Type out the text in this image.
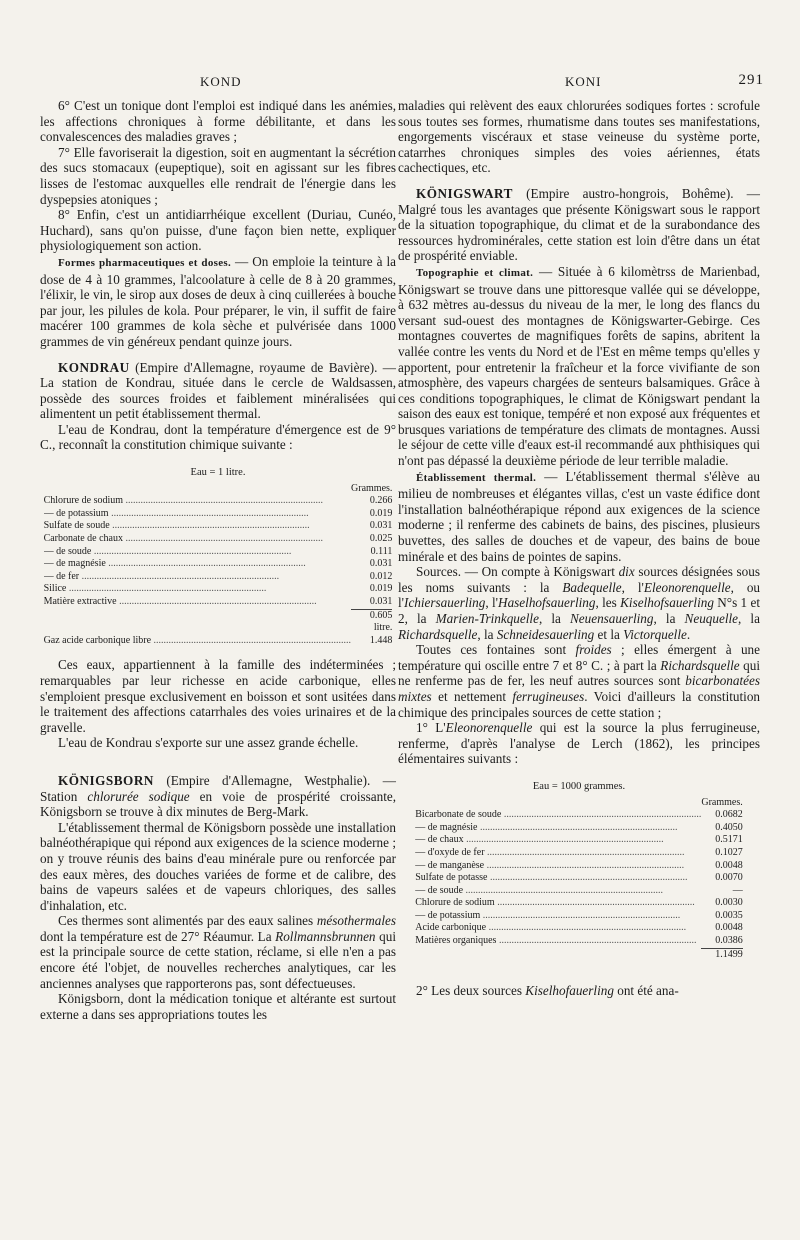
KOND	KONI	291

6° C'est un tonique dont l'emploi est indiqué dans les anémies, les affections chroniques à forme débilitante, et dans les convalescences des maladies graves ;

7° Elle favoriserait la digestion, soit en augmentant la sécrétion des sucs stomacaux (eupeptique), soit en agissant sur les fibres lisses de l'estomac auxquelles elle rendrait de l'énergie dans les dyspepsies atoniques ;

8° Enfin, c'est un antidiarrhéique excellent (Duriau, Cunéo, Huchard), sans qu'on puisse, d'une façon bien nette, expliquer physiologiquement son action.

Formes pharmaceutiques et doses. — On emploie la teinture à la dose de 4 à 10 grammes, l'alcoolature à celle de 8 à 20 grammes, l'élixir, le vin, le sirop aux doses de deux à cinq cuillerées à bouche par jour, les pilules de kola. Pour préparer, le vin, il suffit de faire macérer 100 grammes de kola sèche et pulvérisée dans 1000 grammes de vin généreux pendant quinze jours.

KONDRAU (Empire d'Allemagne, royaume de Bavière). — La station de Kondrau, située dans le cercle de Waldsassen, possède des sources froides et faiblement minéralisées qui alimentent un petit établissement thermal.

L'eau de Kondrau, dont la température d'émergence est de 9° C., reconnaît la constitution chimique suivante :

Eau = 1 litre.
	Grammes.
Chlorure de sodium .....	0.266
— de potassium .....	0.019
Sulfate de soude .....	0.031
Carbonate de chaux .....	0.025
— de soude .....	0.111
— de magnésie .....	0.031
— de fer .....	0.012
Silice .....	0.019
Matière extractive .....	0.031
	0.605
	litre.
Gaz acide carbonique libre .....	1.448

Ces eaux, appartiennent à la famille des indéterminées ; remarquables par leur richesse en acide carbonique, elles s'emploient presque exclusivement en boisson et sont usitées dans le traitement des affections catarrhales des voies urinaires et de la gravelle.

L'eau de Kondrau s'exporte sur une assez grande échelle.

KÖNIGSBORN (Empire d'Allemagne, Westphalie). — Station chlorurée sodique en voie de prospérité croissante, Königsborn se trouve à dix minutes de Berg-Mark.

L'établissement thermal de Königsborn possède une installation balnéothérapique qui répond aux exigences de la science moderne ; on y trouve réunis des bains d'eau minérale pure ou renforcée par des eaux mères, des douches variées de forme et de calibre, des bains de vapeurs salées et de vapeurs chloriques, des salles d'inhalation, etc.

Ces thermes sont alimentés par des eaux salines mésothermales dont la température est de 27° Réaumur. La Rollmannsbrunnen qui est la principale source de cette station, réclame, si elle n'en a pas encore été l'objet, de nouvelles recherches analytiques, car les anciennes analyses que rapporterons pas, sont défectueuses.

Königsborn, dont la médication tonique et altérante est surtout externe a dans ses appropriations toutes les

maladies qui relèvent des eaux chlorurées sodiques fortes : scrofule sous toutes ses formes, rhumatisme dans toutes ses manifestations, engorgements viscéraux et stase veineuse du système porte, catarrhes chroniques simples des voies aériennes, états cachectiques, etc.

KÖNIGSWART (Empire austro-hongrois, Bohême). — Malgré tous les avantages que présente Königswart sous le rapport de la situation topographique, du climat et de la surabondance des ressources hydrominérales, cette station est loin d'être dans un état de prospérité enviable.

Topographie et climat. — Située à 6 kilomètrss de Marienbad, Königswart se trouve dans une pittoresque vallée qui se développe, à 632 mètres au-dessus du niveau de la mer, le long des flancs du versant sud-ouest des montagnes de Königswarter-Gebirge. Ces montagnes couvertes de magnifiques forêts de sapins, abritent la vallée contre les vents du Nord et de l'Est en même temps qu'elles y apportent, pour entretenir la fraîcheur et la force vivifiante de son atmosphère, des vapeurs chargées de senteurs balsamiques. Grâce à ces conditions topographiques, le climat de Königswart pendant la saison des eaux est tonique, tempéré et non exposé aux fréquentes et brusques variations de température des climats de montagnes. Aussi le séjour de cette ville d'eaux est-il recommandé aux phthisiques qui n'ont pas dépassé la deuxième période de leur terrible maladie.

Établissement thermal. — L'établissement thermal s'élève au milieu de nombreuses et élégantes villas, c'est un vaste édifice dont l'installation balnéothérapique répond aux exigences de la science moderne ; il renferme des cabinets de bains, des piscines, plusieurs buvettes, des salles de douches et de vapeur, des bains de boue minérale et des bains de pointes de sapins.

Sources. — On compte à Königswart dix sources désignées sous les noms suivants : la Badequelle, l'Eleonorenquelle, ou l'Ichiersauerling, l'Haselhofsauerling, les Kiselhofsauerling N°s 1 et 2, la Marien-Trinkquelle, la Neuensauerling, la Neuquelle, la Richardsquelle, la Schneidesauerling et la Victorquelle.

Toutes ces fontaines sont froides ; elles émergent à une température qui oscille entre 7 et 8° C. ; à part la Richardsquelle qui ne renferme pas de fer, les neuf autres sources sont bicarbonatées mixtes et nettement ferrugineuses. Voici d'ailleurs la constitution chimique des principales sources de cette station ;

1° L'Eleonorenquelle qui est la source la plus ferrugineuse, renferme, d'après l'analyse de Lerch (1862), les principes élémentaires suivants :

Eau = 1000 grammes.
	Grammes.
Bicarbonate de soude .....	0.0682
— de magnésie .....	0.4050
— de chaux .....	0.5171
— d'oxyde de fer .....	0.1027
— de manganèse .....	0.0048
Sulfate de potasse .....	0.0070
— de soude .....	—
Chlorure de sodium .....	0.0030
— de potassium .....	0.0035
Acide carbonique .....	0.0048
Matières organiques .....	0.0386
	1.1499

2° Les deux sources Kiselhofauerling ont été ana-
